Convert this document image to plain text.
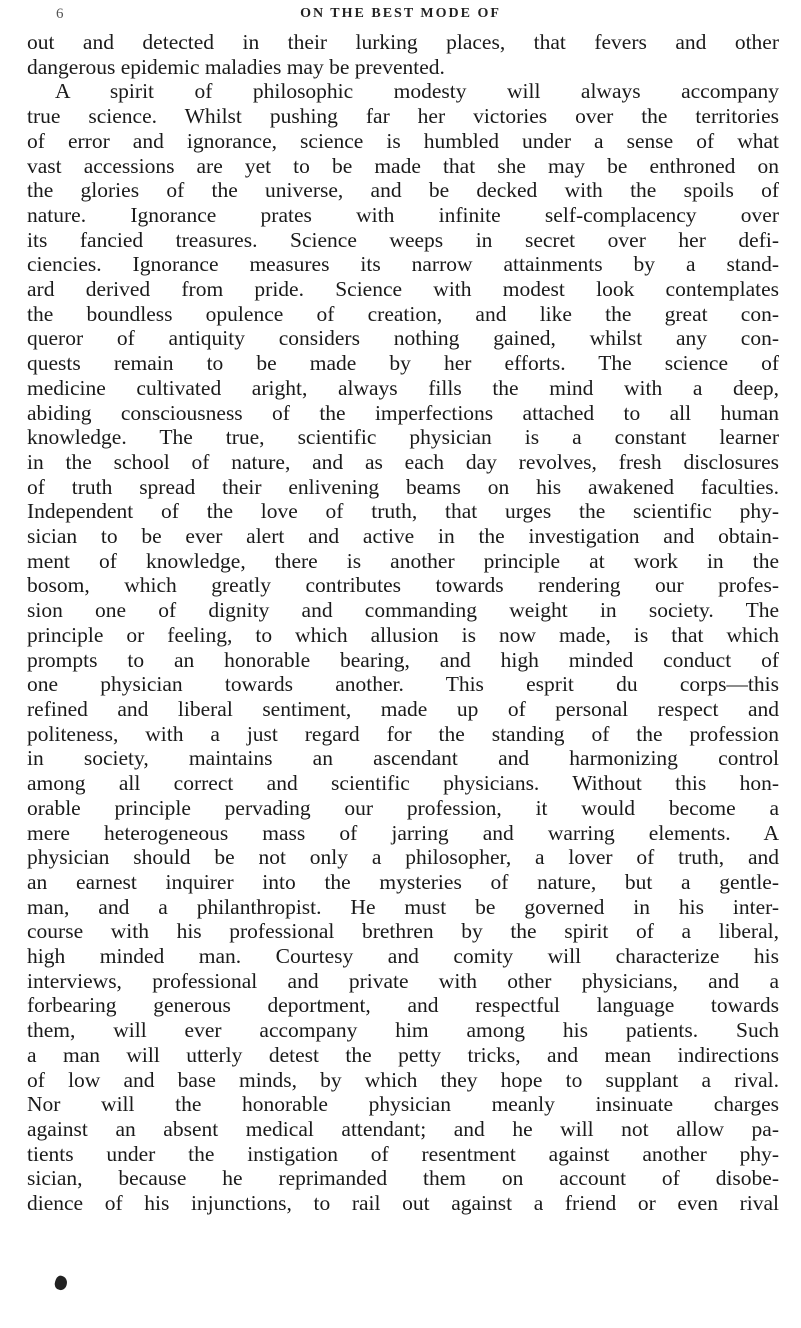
6	ON THE BEST MODE OF
out and detected in their lurking places, that fevers and other
dangerous epidemic maladies may be prevented.
A spirit of philosophic modesty will always accompany
true science. Whilst pushing far her victories over the territories
of error and ignorance, science is humbled under a sense of what
vast accessions are yet to be made that she may be enthroned on
the glories of the universe, and be decked with the spoils of
nature. Ignorance prates with infinite self-complacency over
its fancied treasures. Science weeps in secret over her defi-
ciencies. Ignorance measures its narrow attainments by a stand-
ard derived from pride. Science with modest look contemplates
the boundless opulence of creation, and like the great con-
queror of antiquity considers nothing gained, whilst any con-
quests remain to be made by her efforts. The science of
medicine cultivated aright, always fills the mind with a deep,
abiding consciousness of the imperfections attached to all human
knowledge. The true, scientific physician is a constant learner
in the school of nature, and as each day revolves, fresh disclosures
of truth spread their enlivening beams on his awakened faculties.
Independent of the love of truth, that urges the scientific phy-
sician to be ever alert and active in the investigation and obtain-
ment of knowledge, there is another principle at work in the
bosom, which greatly contributes towards rendering our profes-
sion one of dignity and commanding weight in society. The
principle or feeling, to which allusion is now made, is that which
prompts to an honorable bearing, and high minded conduct of
one physician towards another. This esprit du corps—this
refined and liberal sentiment, made up of personal respect and
politeness, with a just regard for the standing of the profession
in society, maintains an ascendant and harmonizing control
among all correct and scientific physicians. Without this hon-
orable principle pervading our profession, it would become a
mere heterogeneous mass of jarring and warring elements. A
physician should be not only a philosopher, a lover of truth, and
an earnest inquirer into the mysteries of nature, but a gentle-
man, and a philanthropist. He must be governed in his inter-
course with his professional brethren by the spirit of a liberal,
high minded man. Courtesy and comity will characterize his
interviews, professional and private with other physicians, and a
forbearing generous deportment, and respectful language towards
them, will ever accompany him among his patients. Such
a man will utterly detest the petty tricks, and mean indirections
of low and base minds, by which they hope to supplant a rival.
Nor will the honorable physician meanly insinuate charges
against an absent medical attendant; and he will not allow pa-
tients under the instigation of resentment against another phy-
sician, because he reprimanded them on account of disobe-
dience of his injunctions, to rail out against a friend or even rival
